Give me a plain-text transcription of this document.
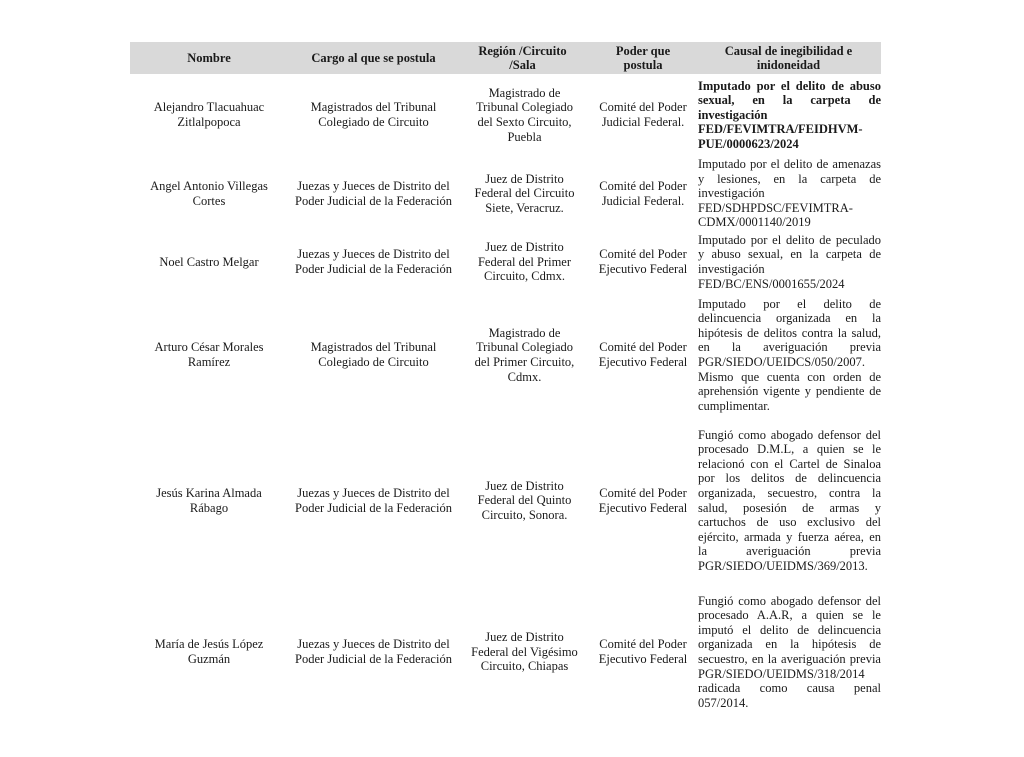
Nombre	Cargo al que se postula	Región /Circuito /Sala	Poder que postula	Causal de inegibilidad e inidoneidad
Alejandro Tlacuahuac Zitlalpopoca	Magistrados del Tribunal Colegiado de Circuito	Magistrado de Tribunal Colegiado del Sexto Circuito, Puebla	Comité del Poder Judicial Federal.	Imputado por el delito de abuso sexual, en la carpeta de investigación FED/FEVIMTRA/FEIDHVM-PUE/0000623/2024
Angel Antonio Villegas Cortes	Juezas y Jueces de Distrito del Poder Judicial de la Federación	Juez de Distrito Federal del Circuito Siete, Veracruz.	Comité del Poder Judicial Federal.	Imputado por el delito de amenazas y lesiones, en la carpeta de investigación FED/SDHPDSC/FEVIMTRA-CDMX/0001140/2019
Noel Castro Melgar	Juezas y Jueces de Distrito del Poder Judicial de la Federación	Juez de Distrito Federal del Primer Circuito, Cdmx.	Comité del Poder Ejecutivo Federal	Imputado por el delito de peculado y abuso sexual, en la carpeta de investigación FED/BC/ENS/0001655/2024
Arturo César Morales Ramírez	Magistrados del Tribunal Colegiado de Circuito	Magistrado de Tribunal Colegiado del Primer Circuito, Cdmx.	Comité del Poder Ejecutivo Federal	Imputado por el delito de delincuencia organizada en la hipótesis de delitos contra la salud, en la averiguación previa PGR/SIEDO/UEIDCS/050/2007. Mismo que cuenta con orden de aprehensión vigente y pendiente de cumplimentar.
Jesús Karina Almada Rábago	Juezas y Jueces de Distrito del Poder Judicial de la Federación	Juez de Distrito Federal del Quinto Circuito, Sonora.	Comité del Poder Ejecutivo Federal	Fungió como abogado defensor del procesado D.M.L, a quien se le relacionó con el Cartel de Sinaloa por los delitos de delincuencia organizada, secuestro, contra la salud, posesión de armas y cartuchos de uso exclusivo del ejército, armada y fuerza aérea, en la averiguación previa PGR/SIEDO/UEIDMS/369/2013.
María de Jesús López Guzmán	Juezas y Jueces de Distrito del Poder Judicial de la Federación	Juez de Distrito Federal del Vigésimo Circuito, Chiapas	Comité del Poder Ejecutivo Federal	Fungió como abogado defensor del procesado A.A.R, a quien se le imputó el delito de delincuencia organizada en la hipótesis de secuestro, en la averiguación previa PGR/SIEDO/UEIDMS/318/2014 radicada como causa penal 057/2014.
